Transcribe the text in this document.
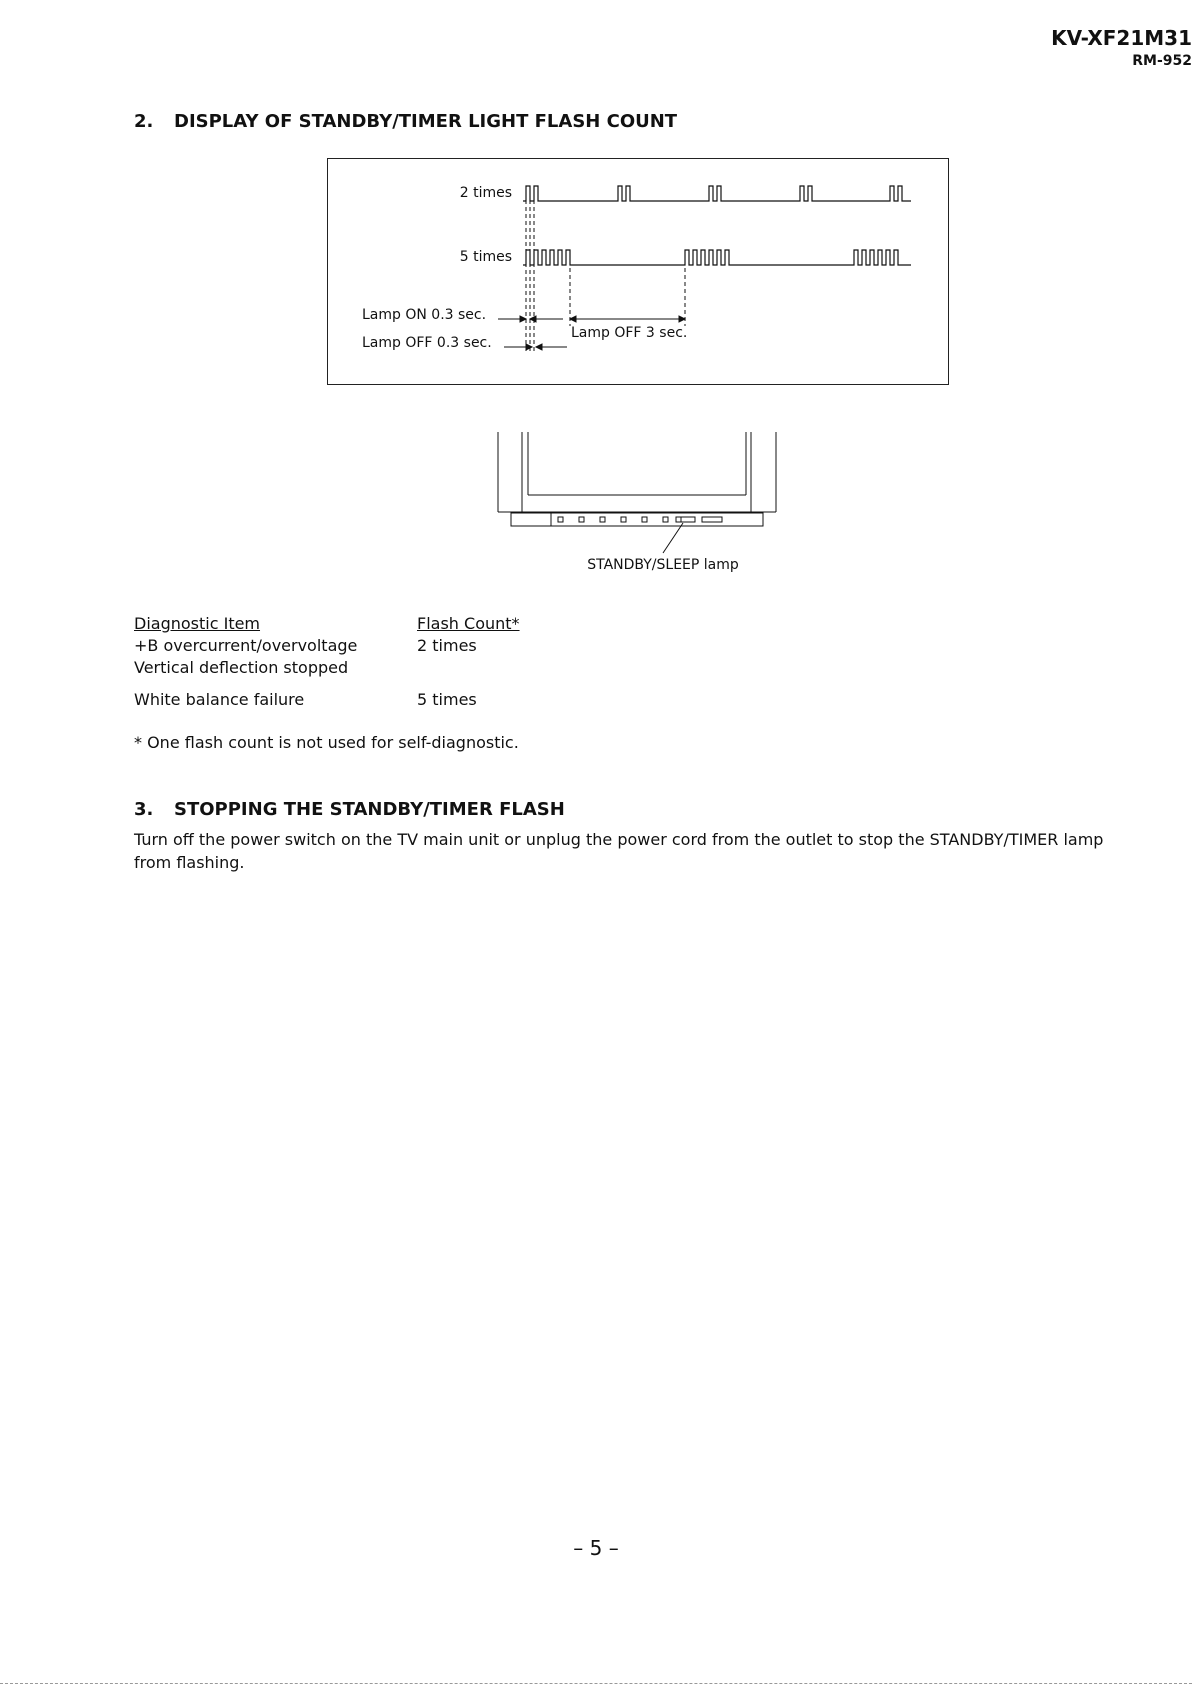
KV-XF21M31
RM-952
2. DISPLAY OF STANDBY/TIMER LIGHT FLASH COUNT
2 times
5 times
Lamp ON 0.3 sec.
Lamp OFF 0.3 sec.
Lamp OFF 3 sec.
STANDBY/SLEEP lamp
Diagnostic Item	Flash Count*
+B overcurrent/overvoltage	2 times
Vertical deflection stopped
White balance failure	5 times
* One flash count is not used for self-diagnostic.
3. STOPPING THE STANDBY/TIMER FLASH
Turn off the power switch on the TV main unit or unplug the power cord from the outlet to stop the STANDBY/TIMER lamp from flashing.
– 5 –
